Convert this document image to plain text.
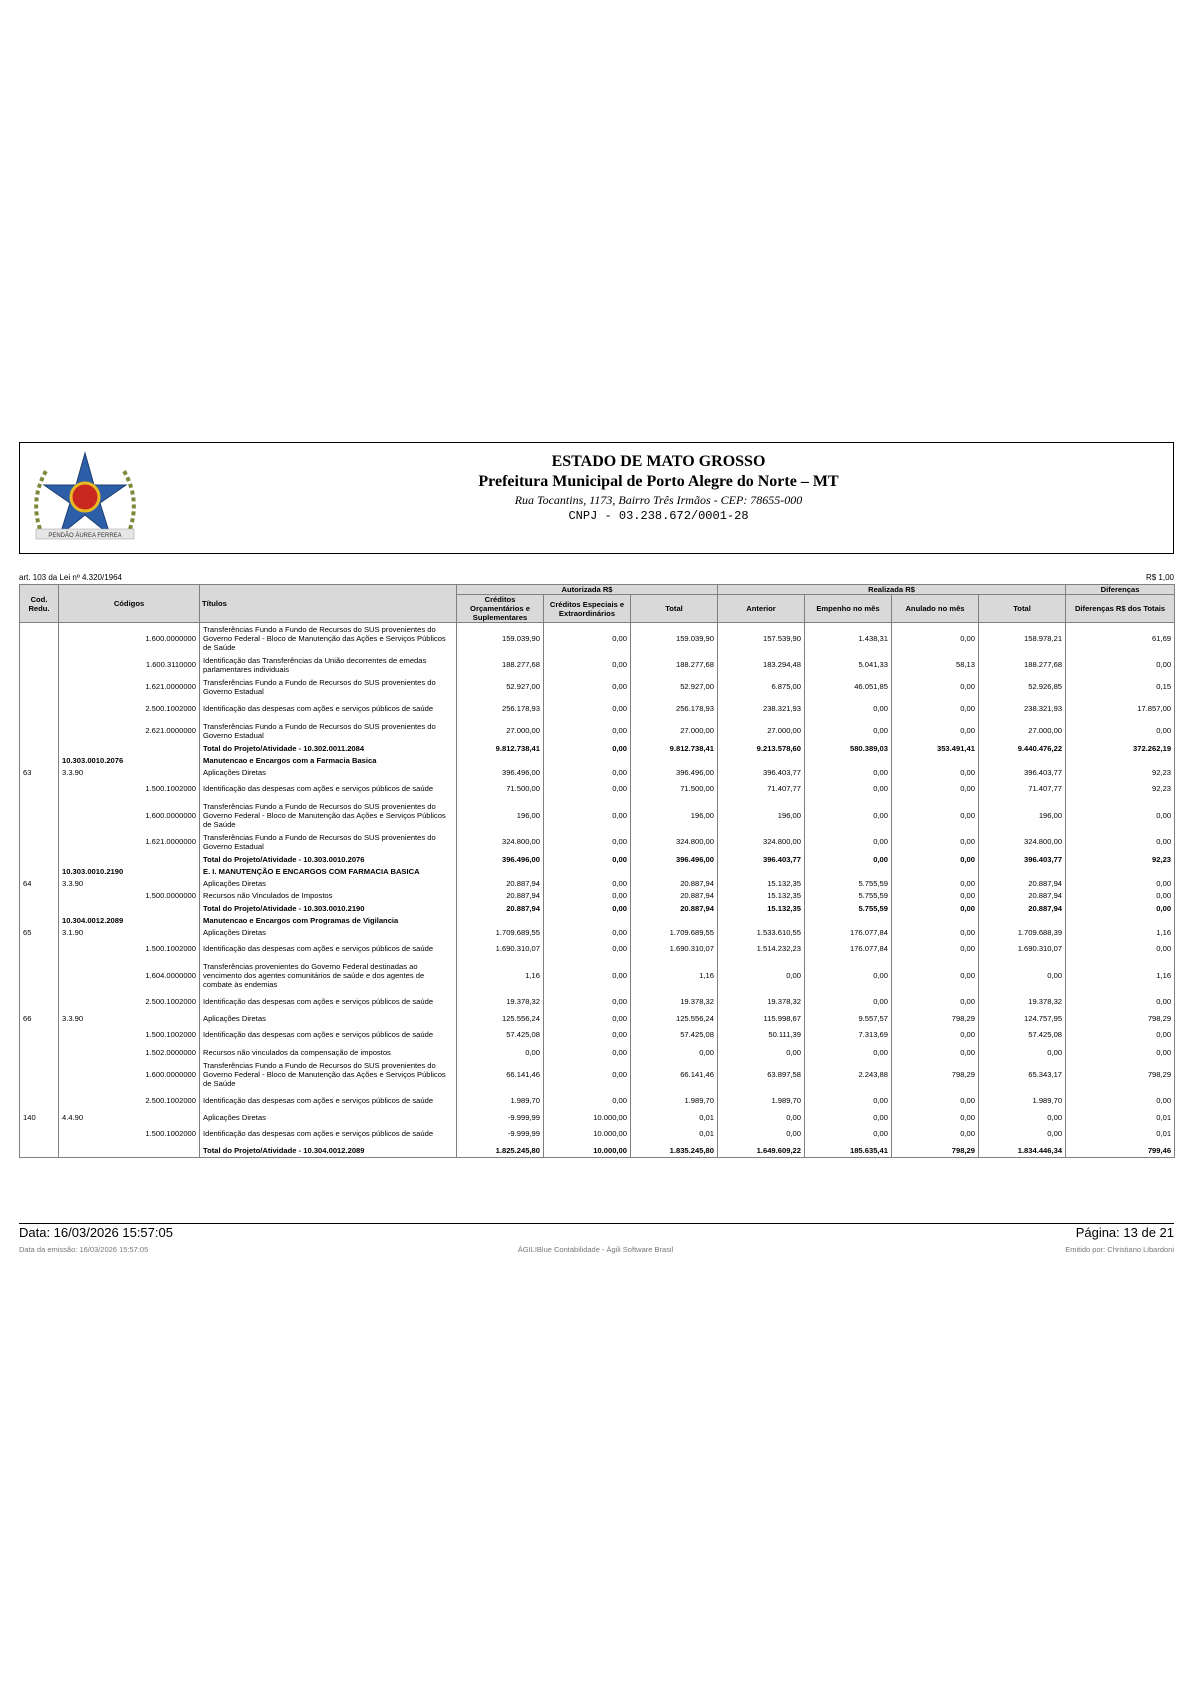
PENDÃO ÁUREA FERREA
ESTADO DE MATO GROSSO
Prefeitura Municipal de Porto Alegre do Norte – MT
Rua Tocantins, 1173, Bairro Três Irmãos - CEP: 78655-000
CNPJ - 03.238.672/0001-28
art. 103 da Lei nº 4.320/1964	R$ 1,00
Cod. Redu.	Códigos	Títulos	Autorizada R$			Realizada R$				Diferenças
			Créditos Orçamentários e Suplementares	Créditos Especiais e Extraordinários	Total	Anterior	Empenho no mês	Anulado no mês	Total	Diferenças R$ dos Totais
	1.600.0000000	Transferências Fundo a Fundo de Recursos do SUS provenientes do Governo Federal - Bloco de Manutenção das Ações e Serviços Públicos de Saúde	159.039,90	0,00	159.039,90	157.539,90	1.438,31	0,00	158.978,21	61,69
	1.600.3110000	Identificação das Transferências da União decorrentes de emedas parlamentares individuais	188.277,68	0,00	188.277,68	183.294,48	5.041,33	58,13	188.277,68	0,00
	1.621.0000000	Transferências Fundo a Fundo de Recursos do SUS provenientes do Governo Estadual	52.927,00	0,00	52.927,00	6.875,00	46.051,85	0,00	52.926,85	0,15
	2.500.1002000	Identificação das despesas com ações e serviços públicos de saúde	256.178,93	0,00	256.178,93	238.321,93	0,00	0,00	238.321,93	17.857,00
	2.621.0000000	Transferências Fundo a Fundo de Recursos do SUS provenientes do Governo Estadual	27.000,00	0,00	27.000,00	27.000,00	0,00	0,00	27.000,00	0,00
		Total do Projeto/Atividade - 10.302.0011.2084	9.812.738,41	0,00	9.812.738,41	9.213.578,60	580.389,03	353.491,41	9.440.476,22	372.262,19
	10.303.0010.2076	Manutencao e Encargos com a Farmacia Basica								
63	3.3.90	Aplicações Diretas	396.496,00	0,00	396.496,00	396.403,77	0,00	0,00	396.403,77	92,23
	1.500.1002000	Identificação das despesas com ações e serviços públicos de saúde	71.500,00	0,00	71.500,00	71.407,77	0,00	0,00	71.407,77	92,23
	1.600.0000000	Transferências Fundo a Fundo de Recursos do SUS provenientes do Governo Federal - Bloco de Manutenção das Ações e Serviços Públicos de Saúde	196,00	0,00	196,00	196,00	0,00	0,00	196,00	0,00
	1.621.0000000	Transferências Fundo a Fundo de Recursos do SUS provenientes do Governo Estadual	324.800,00	0,00	324.800,00	324.800,00	0,00	0,00	324.800,00	0,00
		Total do Projeto/Atividade - 10.303.0010.2076	396.496,00	0,00	396.496,00	396.403,77	0,00	0,00	396.403,77	92,23
	10.303.0010.2190	E. I. MANUTENÇÃO E ENCARGOS COM FARMACIA BASICA								
64	3.3.90	Aplicações Diretas	20.887,94	0,00	20.887,94	15.132,35	5.755,59	0,00	20.887,94	0,00
	1.500.0000000	Recursos não Vinculados de Impostos	20.887,94	0,00	20.887,94	15.132,35	5.755,59	0,00	20.887,94	0,00
		Total do Projeto/Atividade - 10.303.0010.2190	20.887,94	0,00	20.887,94	15.132,35	5.755,59	0,00	20.887,94	0,00
	10.304.0012.2089	Manutencao e Encargos com Programas de Vigilancia								
65	3.1.90	Aplicações Diretas	1.709.689,55	0,00	1.709.689,55	1.533.610,55	176.077,84	0,00	1.709.688,39	1,16
	1.500.1002000	Identificação das despesas com ações e serviços públicos de saúde	1.690.310,07	0,00	1.690.310,07	1.514.232,23	176.077,84	0,00	1.690.310,07	0,00
	1.604.0000000	Transferências provenientes do Governo Federal destinadas ao vencimento dos agentes comunitários de saúde e dos agentes de combate às endemias	1,16	0,00	1,16	0,00	0,00	0,00	0,00	1,16
	2.500.1002000	Identificação das despesas com ações e serviços públicos de saúde	19.378,32	0,00	19.378,32	19.378,32	0,00	0,00	19.378,32	0,00
66	3.3.90	Aplicações Diretas	125.556,24	0,00	125.556,24	115.998,67	9.557,57	798,29	124.757,95	798,29
	1.500.1002000	Identificação das despesas com ações e serviços públicos de saúde	57.425,08	0,00	57.425,08	50.111,39	7.313,69	0,00	57.425,08	0,00
	1.502.0000000	Recursos não vinculados da compensação de impostos	0,00	0,00	0,00	0,00	0,00	0,00	0,00	0,00
	1.600.0000000	Transferências Fundo a Fundo de Recursos do SUS provenientes do Governo Federal - Bloco de Manutenção das Ações e Serviços Públicos de Saúde	66.141,46	0,00	66.141,46	63.897,58	2.243,88	798,29	65.343,17	798,29
	2.500.1002000	Identificação das despesas com ações e serviços públicos de saúde	1.989,70	0,00	1.989,70	1.989,70	0,00	0,00	1.989,70	0,00
140	4.4.90	Aplicações Diretas	-9.999,99	10.000,00	0,01	0,00	0,00	0,00	0,00	0,01
	1.500.1002000	Identificação das despesas com ações e serviços públicos de saúde	-9.999,99	10.000,00	0,01	0,00	0,00	0,00	0,00	0,01
		Total do Projeto/Atividade - 10.304.0012.2089	1.825.245,80	10.000,00	1.835.245,80	1.649.609,22	185.635,41	798,29	1.834.446,34	799,46
Data: 16/03/2026 15:57:05	Página: 13 de 21
Data da emissão: 16/03/2026 15:57:05	ÁGILIBlue Contabilidade - Ágili Software Brasil	Emitido por: Christiano Libardoni
